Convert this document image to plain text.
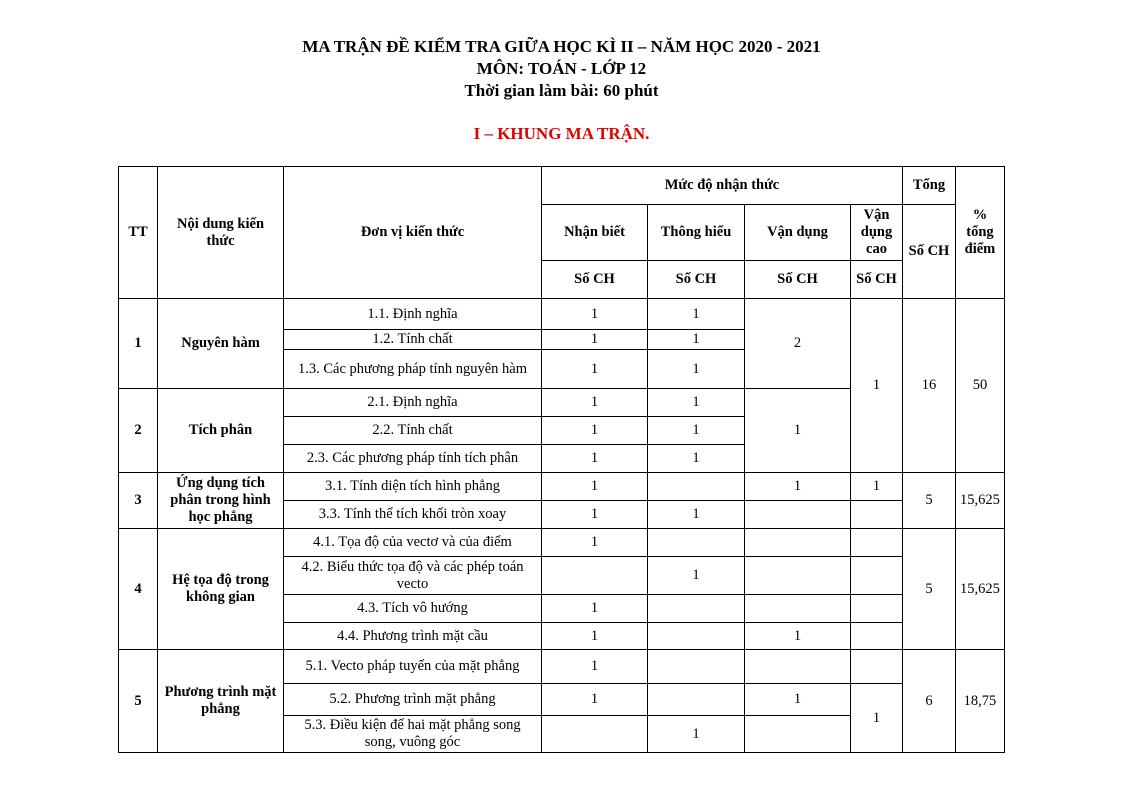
MA TRẬN ĐỀ KIỂM TRA GIỮA HỌC KÌ II – NĂM HỌC 2020 - 2021
MÔN: TOÁN - LỚP 12
Thời gian làm bài: 60 phút
I – KHUNG MA TRẬN.
TT	Nội dung kiến thức	Đơn vị kiến thức	Mức độ nhận thức				Tổng	% tổng điểm
			Nhận biết	Thông hiểu	Vận dụng	Vận dụng cao	Số CH	
			Số CH	Số CH	Số CH	Số CH		
1	Nguyên hàm	1.1. Định nghĩa	1	1	2	1	16	50
		1.2. Tính chất	1	1				
		1.3. Các phương pháp tính nguyên hàm	1	1				
2	Tích phân	2.1. Định nghĩa	1	1	1			
		2.2. Tính chất	1	1				
		2.3. Các phương pháp tính tích phân	1	1				
3	Ứng dụng tích phân trong hình học phẳng	3.1. Tính diện tích hình phẳng	1		1	1	5	15,625
		3.3. Tính thể tích khối tròn xoay	1	1				
4	Hệ tọa độ trong không gian	4.1. Tọa độ của vectơ và của điểm	1				5	15,625
		4.2. Biểu thức tọa độ và các phép toán vecto		1				
		4.3. Tích vô hướng	1					
		4.4. Phương trình mặt cầu	1		1			
5	Phương trình mặt phẳng	5.1. Vecto pháp tuyến của mặt phẳng	1				6	18,75
		5.2. Phương trình mặt phẳng	1		1	1		
		5.3. Điều kiện để hai mặt phẳng song song, vuông góc		1				
